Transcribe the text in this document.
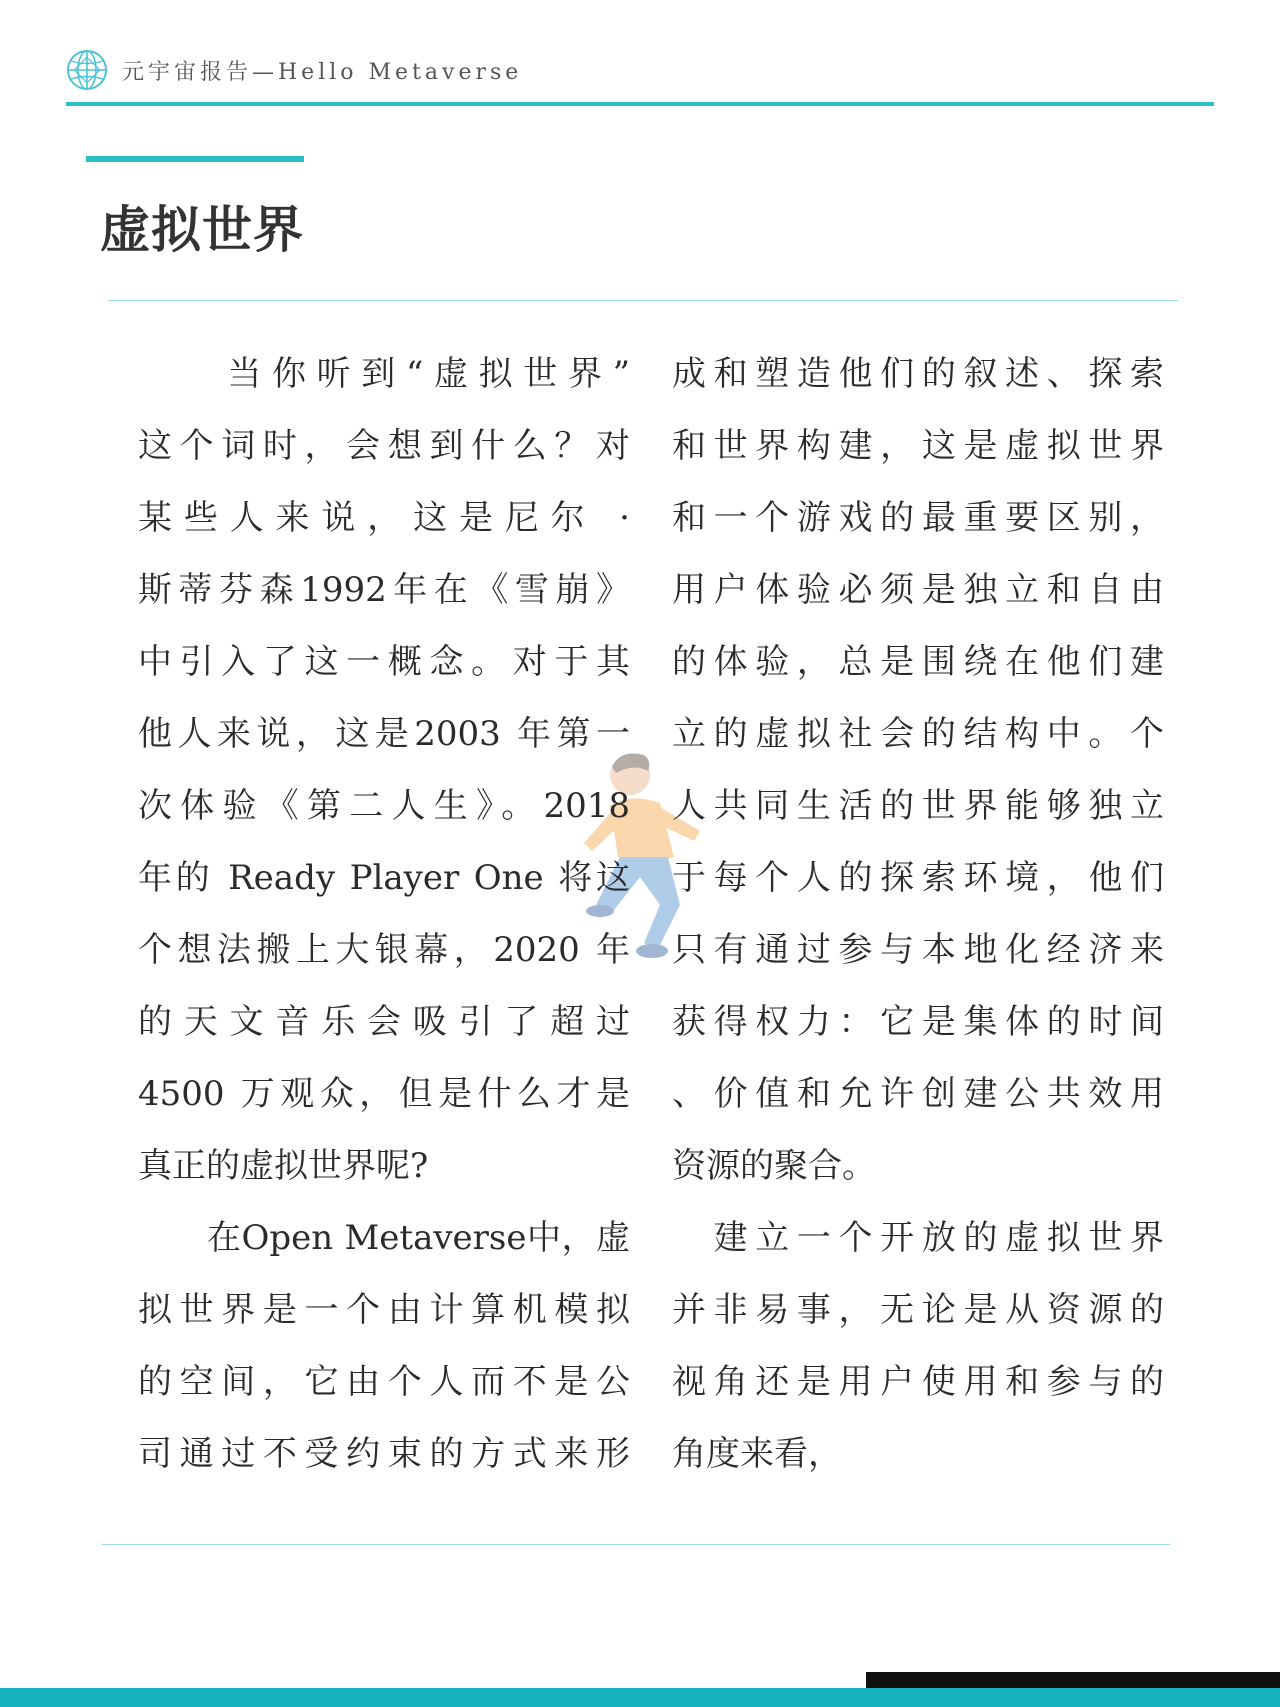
元宇宙报告—Hello Metaverse
虚拟世界
　　当你听到“虚拟世界”
这个词时，会想到什么？对
某些人来说，这是尼尔 ·
斯蒂芬森1992年在《雪崩》
中引入了这一概念。对于其
他人来说，这是2003 年第一
次体验《第二人生》。2018
年的 Ready Player One 将这
个想法搬上大银幕，2020 年
的天文音乐会吸引了超过
4500 万观众，但是什么才是
真正的虚拟世界呢?
　　在Open Metaverse中，虚
拟世界是一个由计算机模拟
的空间，它由个人而不是公
司通过不受约束的方式来形
成和塑造他们的叙述、探索
和世界构建，这是虚拟世界
和一个游戏的最重要区别，
用户体验必须是独立和自由
的体验，总是围绕在他们建
立的虚拟社会的结构中。个
人共同生活的世界能够独立
于每个人的探索环境，他们
只有通过参与本地化经济来
获得权力：它是集体的时间
、价值和允许创建公共效用
资源的聚合。
　建立一个开放的虚拟世界
并非易事，无论是从资源的
视角还是用户使用和参与的
角度来看，
